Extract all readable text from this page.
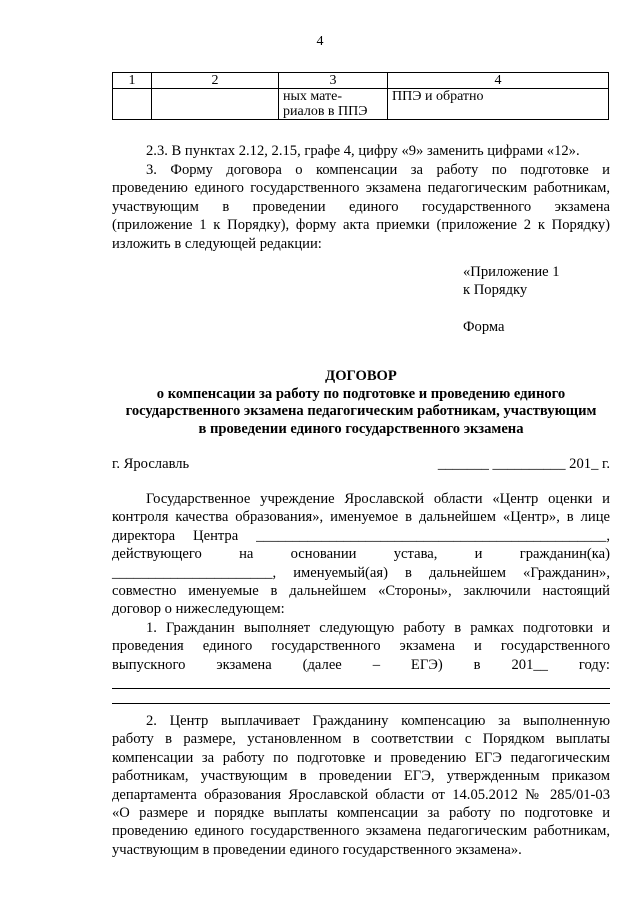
4
1	2	3	4
		ных мате-
риалов в ППЭ	ППЭ и обратно
2.3. В пунктах 2.12, 2.15, графе 4, цифру «9» заменить цифрами «12».
3. Форму договора о компенсации за работу по подготовке и
проведению единого государственного экзамена педагогическим работникам,
участвующим в проведении единого государственного экзамена
(приложение 1 к Порядку), форму акта приемки (приложение 2 к Порядку)
изложить в следующей редакции:
«Приложение 1
к Порядку
Форма
ДОГОВОР
о компенсации за работу по подготовке и проведению единого
государственного экзамена педагогическим работникам, участвующим
в проведении единого государственного экзамена
г. Ярославль	_______ __________ 201_ г.
Государственное учреждение Ярославской области «Центр оценки и
контроля качества образования», именуемое в дальнейшем «Центр», в лице
директора Центра ________________________________________________,
действующего на основании устава, и гражданин(ка)
______________________, именуемый(ая) в дальнейшем «Гражданин»,
совместно именуемые в дальнейшем «Стороны», заключили настоящий
договор о нижеследующем:
1. Гражданин выполняет следующую работу в рамках подготовки и
проведения единого государственного экзамена и государственного
выпускного экзамена (далее – ЕГЭ) в 201__ году:
2. Центр выплачивает Гражданину компенсацию за выполненную
работу в размере, установленном в соответствии с Порядком выплаты
компенсации за работу по подготовке и проведению ЕГЭ педагогическим
работникам, участвующим в проведении ЕГЭ, утвержденным приказом
департамента образования Ярославской области от 14.05.2012 № 285/01-03
«О размере и порядке выплаты компенсации за работу по подготовке и
проведению единого государственного экзамена педагогическим работникам,
участвующим в проведении единого государственного экзамена».
